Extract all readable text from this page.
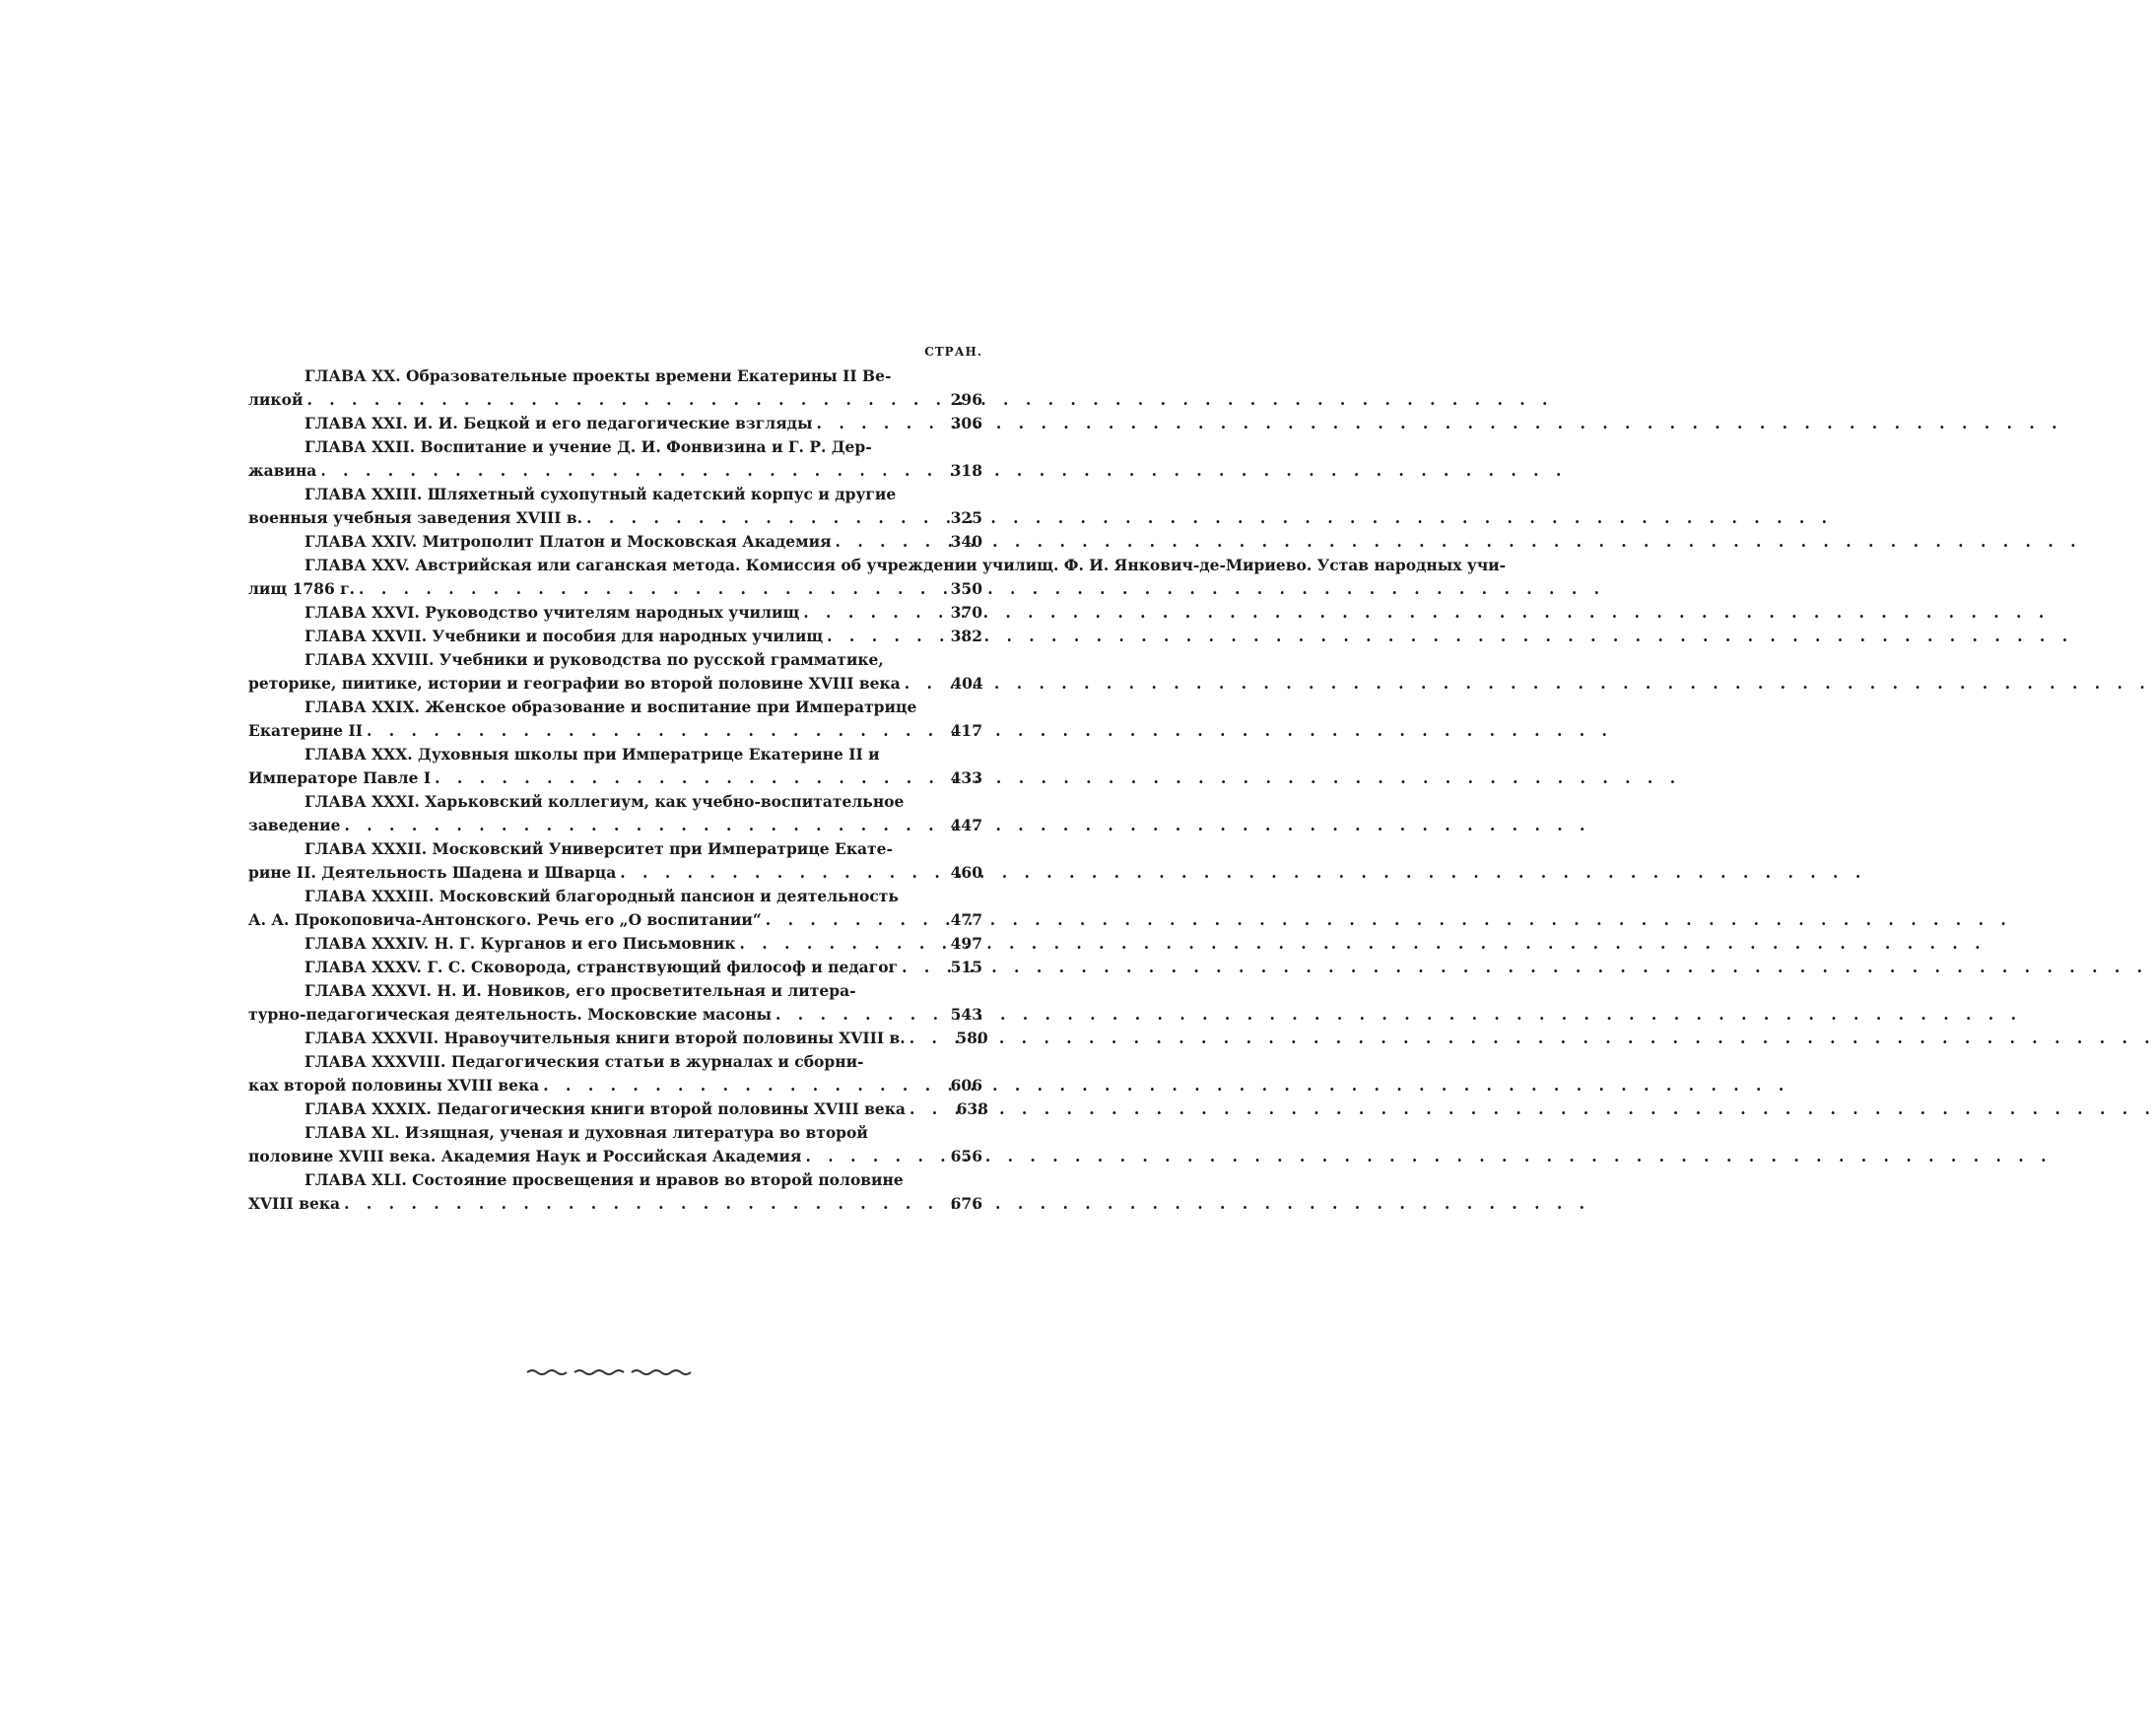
СТРАН.
ГЛАВА XX. Образовательные проекты времени Екатерины II Ве-
ликой . . .	296
ГЛАВА XXI. И. И. Бецкой и его педагогические взгляды . . .	306
ГЛАВА XXII. Воспитание и учение Д. И. Фонвизина и Г. Р. Дер-
жавина . . .	318
ГЛАВА XXIII. Шляхетный сухопутный кадетский корпус и другие
военныя учебныя заведения XVIII в. . . .	325
ГЛАВА XXIV. Митрополит Платон и Московская Академия . . .	340
ГЛАВА XXV. Австрийская или саганская метода. Комиссия об учреждении училищ. Ф. И. Янкович-де-Мириево. Устав народных учи-
лищ 1786 г. . . .	350
ГЛАВА XXVI. Руководство учителям народных училищ . . .	370
ГЛАВА XXVII. Учебники и пособия для народных училищ . . .	382
ГЛАВА XXVIII. Учебники и руководства по русской грамматике,
реторике, пиитике, истории и географии во второй половине XVIII века . . .	404
ГЛАВА XXIX. Женское образование и воспитание при Императрице
Екатерине II . . .	417
ГЛАВА XXX. Духовныя школы при Императрице Екатерине II и
Императоре Павле I . . .	433
ГЛАВА XXXI. Харьковский коллегиум, как учебно-воспитательное
заведение . . .	447
ГЛАВА XXXII. Московский Университет при Императрице Екате-
рине II. Деятельность Шадена и Шварца . . .	460
ГЛАВА XXXIII. Московский благородный пансион и деятельность
А. А. Прокоповича-Антонского. Речь его „О воспитании“ . . .	477
ГЛАВА XXXIV. Н. Г. Курганов и его Письмовник . . .	497
ГЛАВА XXXV. Г. С. Сковорода, странствующий философ и педагог . . .	515
ГЛАВА XXXVI. Н. И. Новиков, его просветительная и литера-
турно-педагогическая деятельность. Московские масоны . . .	543
ГЛАВА XXXVII. Нравоучительныя книги второй половины XVIII в. . . .	580
ГЛАВА XXXVIII. Педагогическия статьи в журналах и сборни-
ках второй половины XVIII века . . .	606
ГЛАВА XXXIX. Педагогическия книги второй половины XVIII века . . .	638
ГЛАВА XL. Изящная, ученая и духовная литература во второй
половине XVIII века. Академия Наук и Российская Академия . . .	656
ГЛАВА XLI. Состояние просвещения и нравов во второй половине
XVIII века . . .	676
